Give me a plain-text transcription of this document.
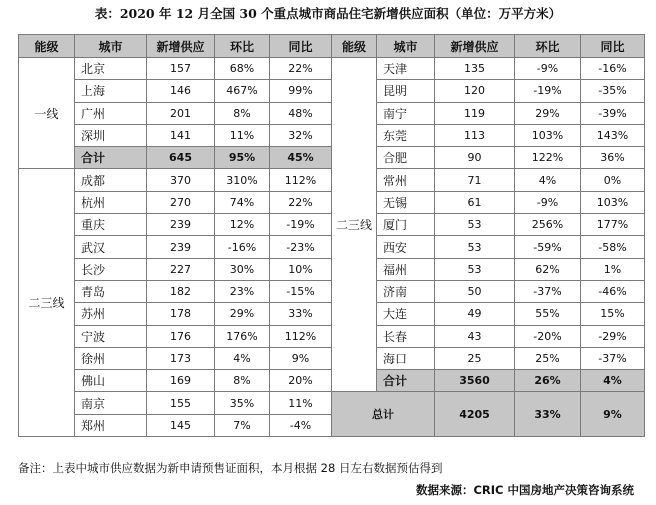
表：2020 年 12 月全国 30 个重点城市商品住宅新增供应面积（单位：万平方米）
能级	城市	新增供应	环比	同比	能级	城市	新增供应	环比	同比
一线	北京	157	68%	22%	二三线	天津	135	-9%	-16%
	上海	146	467%	99%		昆明	120	-19%	-35%
	广州	201	8%	48%		南宁	119	29%	-39%
	深圳	141	11%	32%		东莞	113	103%	143%
	合计	645	95%	45%		合肥	90	122%	36%
二三线	成都	370	310%	112%		常州	71	4%	0%
	杭州	270	74%	22%		无锡	61	-9%	103%
	重庆	239	12%	-19%		厦门	53	256%	177%
	武汉	239	-16%	-23%		西安	53	-59%	-58%
	长沙	227	30%	10%		福州	53	62%	1%
	青岛	182	23%	-15%		济南	50	-37%	-46%
	苏州	178	29%	33%		大连	49	55%	15%
	宁波	176	176%	112%		长春	43	-20%	-29%
	徐州	173	4%	9%		海口	25	25%	-37%
	佛山	169	8%	20%		合计	3560	26%	4%
	南京	155	35%	11%	总计		4205	33%	9%
	郑州	145	7%	-4%					
备注：上表中城市供应数据为新申请预售证面积，本月根据 28 日左右数据预估得到
数据来源：CRIC 中国房地产决策咨询系统
